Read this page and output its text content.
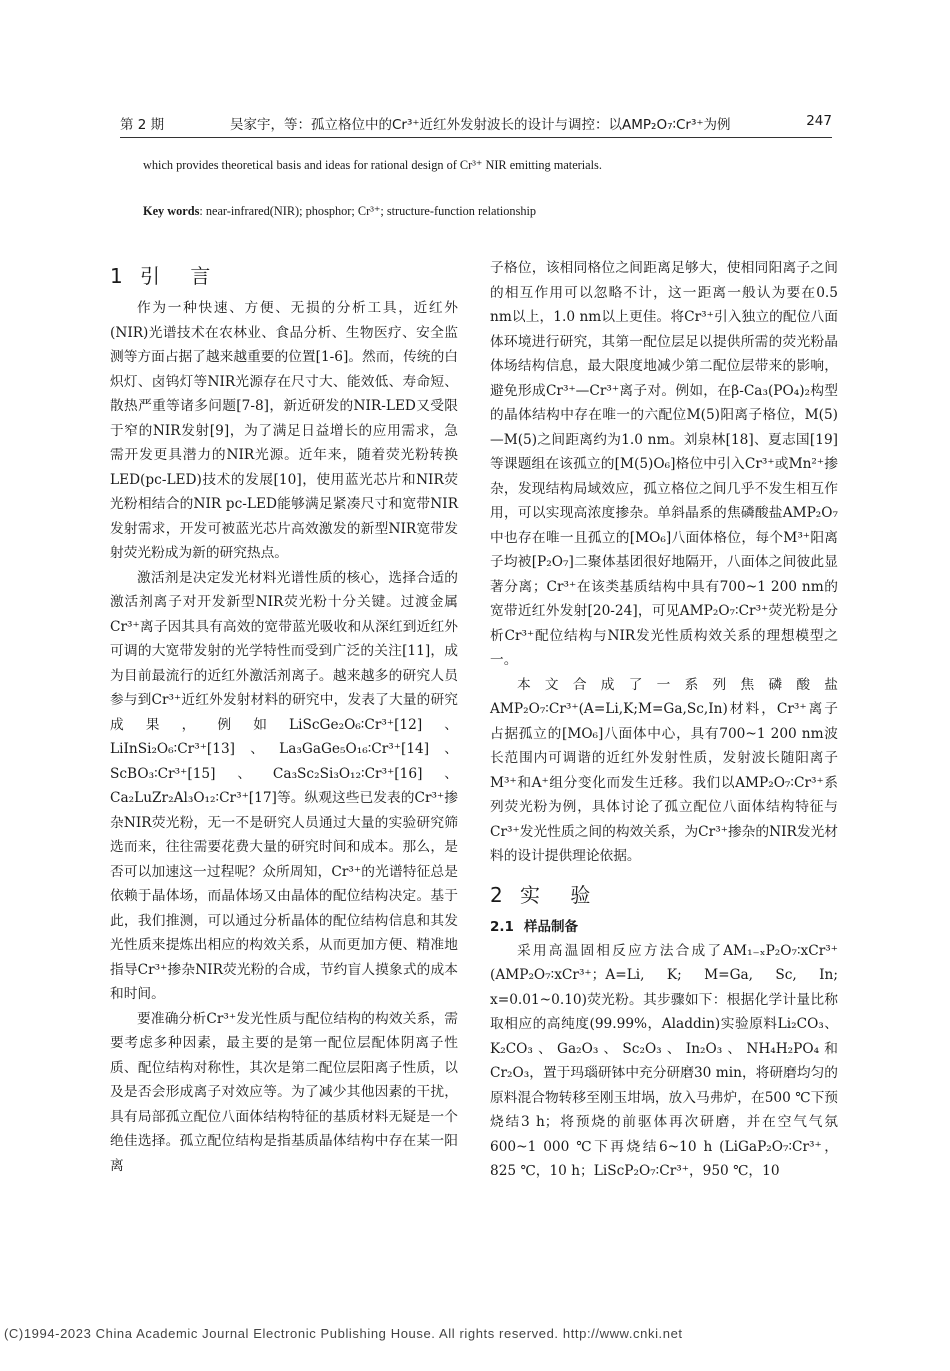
第 2 期	吴家宇，等：孤立格位中的Cr³⁺近红外发射波长的设计与调控：以AMP₂O₇∶Cr³⁺为例	247
which provides theoretical basis and ideas for rational design of Cr³⁺ NIR emitting materials.
Key words: near-infrared(NIR); phosphor; Cr³⁺; structure-function relationship
1 引 言

作为一种快速、方便、无损的分析工具，近红外(NIR)光谱技术在农林业、食品分析、生物医疗、安全监测等方面占据了越来越重要的位置[1-6]。然而，传统的白炽灯、卤钨灯等NIR光源存在尺寸大、能效低、寿命短、散热严重等诸多问题[7-8]，新近研发的NIR-LED又受限于窄的NIR发射[9]，为了满足日益增长的应用需求，急需开发更具潜力的NIR光源。近年来，随着荧光粉转换LED(pc-LED)技术的发展[10]，使用蓝光芯片和NIR荧光粉相结合的NIR pc-LED能够满足紧凑尺寸和宽带NIR发射需求，开发可被蓝光芯片高效激发的新型NIR宽带发射荧光粉成为新的研究热点。

激活剂是决定发光材料光谱性质的核心，选择合适的激活剂离子对开发新型NIR荧光粉十分关键。过渡金属Cr³⁺离子因其具有高效的宽带蓝光吸收和从深红到近红外可调的大宽带发射的光学特性而受到广泛的关注[11]，成为目前最流行的近红外激活剂离子。越来越多的研究人员参与到Cr³⁺近红外发射材料的研究中，发表了大量的研究成果，例如LiScGe₂O₆∶Cr³⁺[12]、LiInSi₂O₆∶Cr³⁺[13]、La₃GaGe₅O₁₆∶Cr³⁺[14]、ScBO₃∶Cr³⁺[15]、Ca₃Sc₂Si₃O₁₂∶Cr³⁺[16]、Ca₂LuZr₂Al₃O₁₂∶Cr³⁺[17]等。纵观这些已发表的Cr³⁺掺杂NIR荧光粉，无一不是研究人员通过大量的实验研究筛选而来，往往需要花费大量的研究时间和成本。那么，是否可以加速这一过程呢？众所周知，Cr³⁺的光谱特征总是依赖于晶体场，而晶体场又由晶体的配位结构决定。基于此，我们推测，可以通过分析晶体的配位结构信息和其发光性质来提炼出相应的构效关系，从而更加方便、精准地指导Cr³⁺掺杂NIR荧光粉的合成，节约盲人摸象式的成本和时间。

要准确分析Cr³⁺发光性质与配位结构的构效关系，需要考虑多种因素，最主要的是第一配位层配体阴离子性质、配位结构对称性，其次是第二配位层阳离子性质，以及是否会形成离子对效应等。为了减少其他因素的干扰，具有局部孤立配位八面体结构特征的基质材料无疑是一个绝佳选择。孤立配位结构是指基质晶体结构中存在某一阳离

子格位，该相同格位之间距离足够大，使相同阳离子之间的相互作用可以忽略不计，这一距离一般认为要在0.5 nm以上，1.0 nm以上更佳。将Cr³⁺引入独立的配位八面体环境进行研究，其第一配位层足以提供所需的荧光粉晶体场结构信息，最大限度地减少第二配位层带来的影响，避免形成Cr³⁺—Cr³⁺离子对。例如，在β-Ca₃(PO₄)₂构型的晶体结构中存在唯一的六配位M(5)阳离子格位，M(5)—M(5)之间距离约为1.0 nm。刘泉林[18]、夏志国[19]等课题组在该孤立的[M(5)O₆]格位中引入Cr³⁺或Mn²⁺掺杂，发现结构局域效应，孤立格位之间几乎不发生相互作用，可以实现高浓度掺杂。单斜晶系的焦磷酸盐AMP₂O₇中也存在唯一且孤立的[MO₆]八面体格位，每个M³⁺阳离子均被[P₂O₇]二聚体基团很好地隔开，八面体之间彼此显著分离；Cr³⁺在该类基质结构中具有700~1 200 nm的宽带近红外发射[20-24]，可见AMP₂O₇∶Cr³⁺荧光粉是分析Cr³⁺配位结构与NIR发光性质构效关系的理想模型之一。

本文合成了一系列焦磷酸盐AMP₂O₇∶Cr³⁺(A=Li,K;M=Ga,Sc,In)材料，Cr³⁺离子占据孤立的[MO₆]八面体中心，具有700~1 200 nm波长范围内可调谐的近红外发射性质，发射波长随阳离子M³⁺和A⁺组分变化而发生迁移。我们以AMP₂O₇∶Cr³⁺系列荧光粉为例，具体讨论了孤立配位八面体结构特征与Cr³⁺发光性质之间的构效关系，为Cr³⁺掺杂的NIR发光材料的设计提供理论依据。

2 实 验
2.1 样品制备

采用高温固相反应方法合成了AM₁₋ₓP₂O₇∶xCr³⁺ (AMP₂O₇∶xCr³⁺；A=Li, K; M=Ga, Sc, In; x=0.01~0.10)荧光粉。其步骤如下：根据化学计量比称取相应的高纯度(99.99%，Aladdin)实验原料Li₂CO₃、K₂CO₃、Ga₂O₃、Sc₂O₃、In₂O₃、NH₄H₂PO₄和Cr₂O₃，置于玛瑙研钵中充分研磨30 min，将研磨均匀的原料混合物转移至刚玉坩埚，放入马弗炉，在500 ℃下预烧结3 h；将预烧的前驱体再次研磨，并在空气气氛600~1 000 ℃下再烧结6~10 h (LiGaP₂O₇∶Cr³⁺，825 ℃，10 h；LiScP₂O₇∶Cr³⁺，950 ℃，10

(C)1994-2023 China Academic Journal Electronic Publishing House. All rights reserved. http://www.cnki.net
